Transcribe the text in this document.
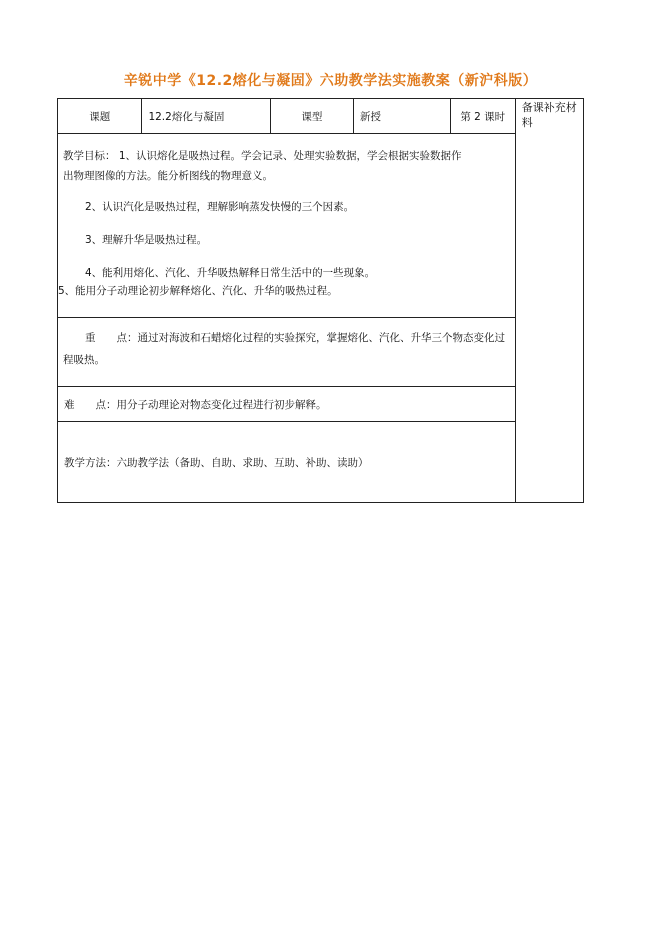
辛锐中学《12.2熔化与凝固》六助教学法实施教案（新沪科版）
课题	12.2熔化与凝固	课型	新授	第 2 课时	备课补充材料

教学目标： 1、认识熔化是吸热过程。学会记录、处理实验数据，学会根据实验数据作

出物理图像的方法。能分析图线的物理意义。

2、认识汽化是吸热过程，理解影响蒸发快慢的三个因素。

3、理解升华是吸热过程。

4、能利用熔化、汽化、升华吸热解释日常生活中的一些现象。

5、能用分子动理论初步解释熔化、汽化、升华的吸热过程。

重　　点：通过对海波和石蜡熔化过程的实验探究，掌握熔化、汽化、升华三个物态变化过程吸热。
难　　点：用分子动理论对物态变化过程进行初步解释。
教学方法：六助教学法（备助、自助、求助、互助、补助、读助）
